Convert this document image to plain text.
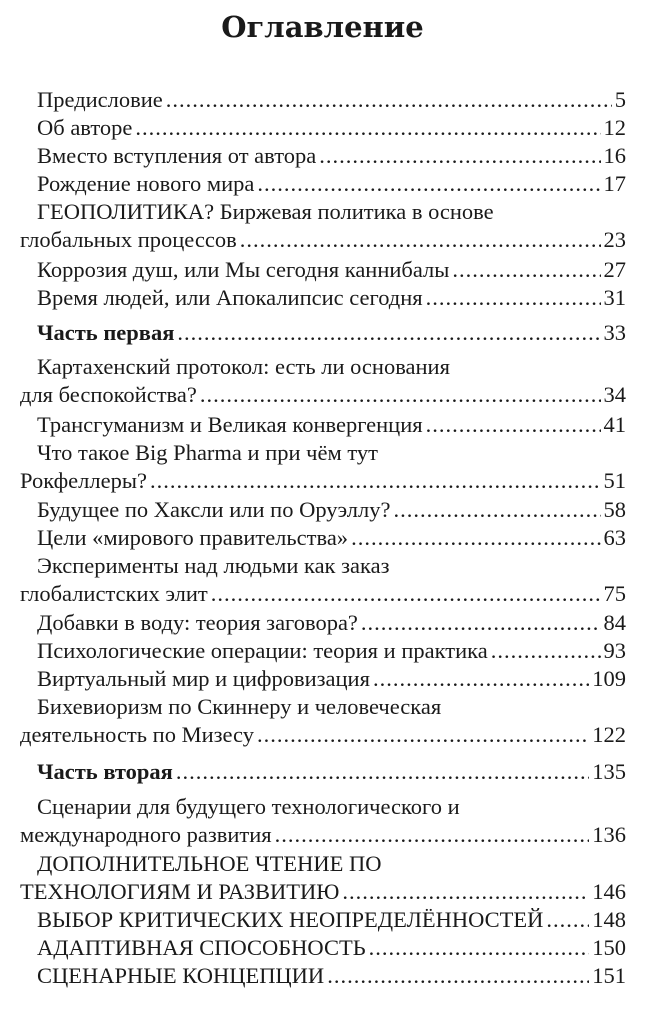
Оглавление
Предисловие .....	5
Об авторе .....	12
Вместо вступления от автора .....	16
Рождение нового мира .....	17
ГЕОПОЛИТИКА? Биржевая политика в основе
глобальных процессов .....	23
Коррозия душ, или Мы сегодня каннибалы .....	27
Время людей, или Апокалипсис сегодня .....	31
Часть первая .....	33
Картахенский протокол: есть ли основания
для беспокойства? .....	34
Трансгуманизм и Великая конвергенция .....	41
Что такое Big Pharma и при чём тут
Рокфеллеры? .....	51
Будущее по Хаксли или по Оруэллу? .....	58
Цели «мирового правительства» .....	63
Эксперименты над людьми как заказ
глобалистских элит .....	75
Добавки в воду: теория заговора? .....	84
Психологические операции: теория и практика .....	93
Виртуальный мир и цифровизация .....	109
Бихевиоризм по Скиннеру и человеческая
деятельность по Мизесу .....	122
Часть вторая .....	135
Сценарии для будущего технологического и
международного развития .....	136
ДОПОЛНИТЕЛЬНОЕ ЧТЕНИЕ ПО
ТЕХНОЛОГИЯМ И РАЗВИТИЮ .....	146
ВЫБОР КРИТИЧЕСКИХ НЕОПРЕДЕЛЁННОСТЕЙ ..... 148
АДАПТИВНАЯ СПОСОБНОСТЬ .....	150
СЦЕНАРНЫЕ КОНЦЕПЦИИ .....	151
